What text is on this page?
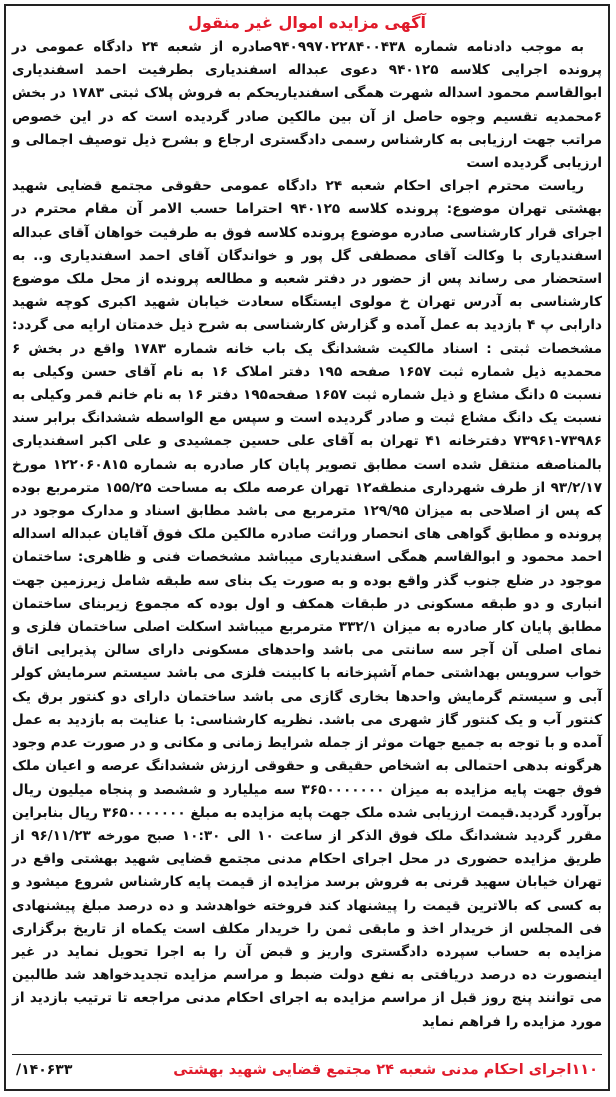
آگهی مزایده اموال غیر منقول

به موجب دادنامه شماره ۹۴۰۹۹۷۰۲۲۸۴۰۰۴۳۸صادره از شعبه ۲۴ دادگاه عمومی در پرونده اجرایی کلاسه ۹۴۰۱۲۵ دعوی عبداله اسفندیاری بطرفیت احمد اسفندیاری ابوالقاسم محمود اسداله شهرت همگی اسفندیاریحکم به فروش پلاک ثبتی ۱۷۸۳ در بخش ۶محمدیه تقسیم وجوه حاصل از آن بین مالکین صادر گردیده است که در این خصوص مراتب جهت ارزیابی به کارشناس رسمی دادگستری ارجاع و بشرح ذیل توصیف اجمالی و ارزیابی گردیده است

ریاست محترم اجرای احکام شعبه ۲۴ دادگاه عمومی حقوقی مجتمع قضایی شهید بهشتی تهران موضوع: پرونده کلاسه ۹۴۰۱۲۵ احتراما حسب الامر آن مقام محترم در اجرای قرار کارشناسی صادره موضوع پرونده کلاسه فوق به طرفیت خواهان آقای عبداله اسفندیاری با وکالت آقای مصطفی گل پور و خواندگان آقای احمد اسفندیاری و.. به استحضار می رساند پس از حضور در دفتر شعبه و مطالعه پرونده از محل ملک موضوع کارشناسی به آدرس تهران خ مولوی ایستگاه سعادت خیابان شهید اکبری کوچه شهید دارابی پ ۴ بازدید به عمل آمده و گزارش کارشناسی به شرح ذیل خدمتان ارایه می گردد: مشخصات ثبتی : اسناد مالکیت ششدانگ یک باب خانه شماره ۱۷۸۳ واقع در بخش ۶ محمدیه ذیل شماره ثبت ۱۶۵۷ صفحه ۱۹۵ دفتر املاک ۱۶ به نام آقای حسن وکیلی به نسبت ۵ دانگ مشاع و ذیل شماره ثبت ۱۶۵۷ صفحه۱۹۵ دفتر ۱۶ به نام خانم قمر وکیلی به نسبت یک دانگ مشاع ثبت و صادر گردیده است و سپس مع الواسطه ششدانگ برابر سند ۷۳۹۸۶-۷۳۹۶۱ دفترخانه ۴۱ تهران به آقای علی حسین جمشیدی و علی اکبر اسفندیاری بالمناصفه منتقل شده است مطابق تصویر پایان کار صادره به شماره ۱۲۲۰۶۰۸۱۵ مورخ ۹۳/۲/۱۷ از طرف شهرداری منطقه۱۲ تهران عرصه ملک به مساحت ۱۵۵/۲۵ مترمربع بوده که پس از اصلاحی به میزان ۱۲۹/۹۵ مترمربع می باشد مطابق اسناد و مدارک موجود در پرونده و مطابق گواهی های انحصار وراثت صادره مالکین ملک فوق آقایان عبداله اسداله احمد محمود و ابوالقاسم همگی اسفندیاری میباشد مشخصات فنی و ظاهری: ساختمان موجود در ضلع جنوب گذر واقع بوده و به صورت یک بنای سه طبقه شامل زیرزمین جهت انباری و دو طبقه مسکونی در طبقات همکف و اول بوده که مجموع زیربنای ساختمان مطابق پایان کار صادره به میزان ۳۳۲/۱ مترمربع میباشد اسکلت اصلی ساختمان فلزی و نمای اصلی آن آجر سه سانتی می باشد واحدهای مسکونی دارای سالن پذیرایی اتاق خواب سرویس بهداشتی حمام آشپزخانه با کابینت فلزی می باشد سیستم سرمایش کولر آبی و سیستم گرمایش واحدها بخاری گازی می باشد ساختمان دارای دو کنتور برق یک کنتور آب و یک کنتور گاز شهری می باشد. نظریه کارشناسی: با عنایت به بازدید به عمل آمده و با توجه به جمیع جهات موثر از جمله شرایط زمانی و مکانی و در صورت عدم وجود هرگونه بدهی احتمالی به اشخاص حقیقی و حقوقی ارزش ششدانگ عرصه و اعیان ملک فوق جهت پایه مزایده به میزان ۳۶۵۰۰۰۰۰۰۰ سه میلیارد و ششصد و پنجاه میلیون ریال برآورد گردید.قیمت ارزیابی شده ملک جهت پایه مزایده به مبلغ ۳۶۵۰۰۰۰۰۰۰ ریال بنابراین مقرر گردید ششدانگ ملک فوق الذکر از ساعت ۱۰ الی ۱۰:۳۰ صبح مورخه ۹۶/۱۱/۲۳ از طریق مزایده حضوری در محل اجرای احکام مدنی مجتمع قضایی شهید بهشتی واقع در تهران خیابان سهید قرنی به فروش برسد مزایده از قیمت پایه کارشناس شروع میشود و به کسی که بالاترین قیمت را پیشنهاد کند فروخته خواهدشد و ده درصد مبلغ پیشنهادی فی المجلس از خریدار اخذ و مابقی ثمن را خریدار مکلف است یکماه از تاریخ برگزاری مزایده به حساب سپرده دادگستری واریز و قبض آن را به اجرا تحویل نماید در غیر اینصورت ده درصد دریافتی به نفع دولت ضبط و مراسم مزایده تجدیدخواهد شد طالبین می توانند پنج روز قبل از مراسم مزایده به اجرای احکام مدنی مراجعه تا ترتیب بازدید از مورد مزایده را فراهم نماید

۱۱۰اجرای احکام مدنی شعبه ۲۴ مجتمع قضایی شهید بهشتی
۱۴۰۶۳۳/
